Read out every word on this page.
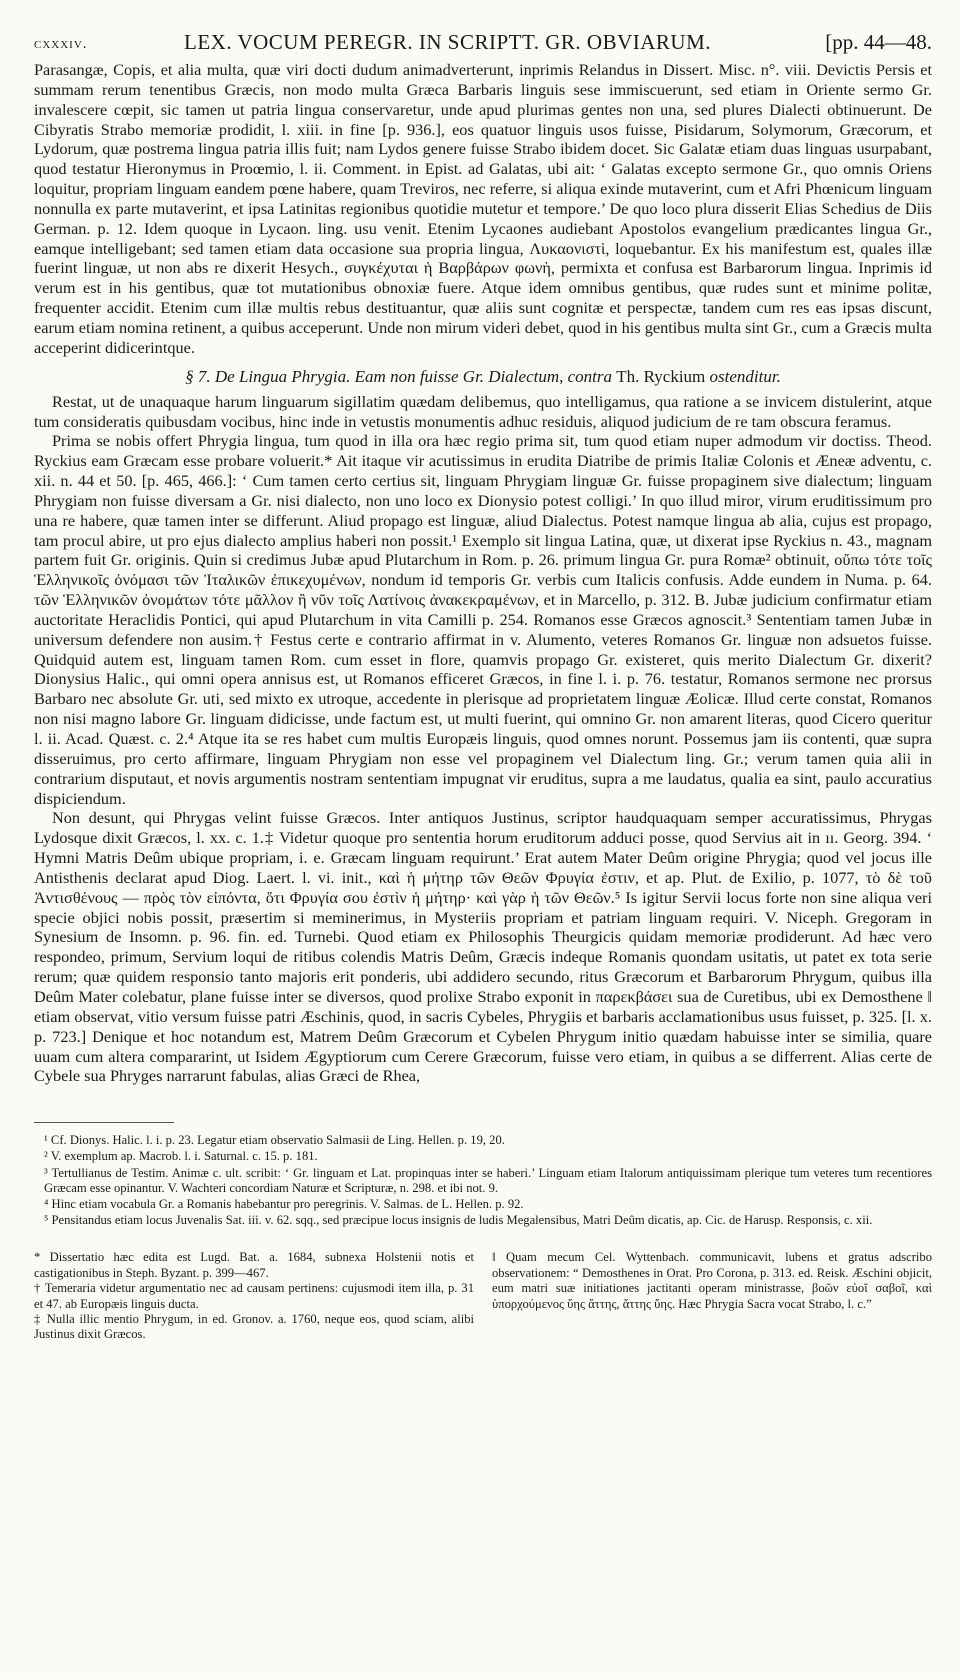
cxxxiv.	LEX. VOCUM PEREGR. IN SCRIPTT. GR. OBVIARUM.	[pp. 44—48.

Parasangæ, Copis, et alia multa, quæ viri docti dudum animadverterunt, inprimis Relandus in Dissert. Misc. n°. viii. Devictis Persis et summam rerum tenentibus Græcis, non modo multa Græca Barbaris linguis sese immiscuerunt, sed etiam in Oriente sermo Gr. invalescere cœpit, sic tamen ut patria lingua conservaretur, unde apud plurimas gentes non una, sed plures Dialecti obtinuerunt. De Cibyratis Strabo memoriæ prodidit, l. xiii. in fine [p. 936.], eos quatuor linguis usos fuisse, Pisidarum, Solymorum, Græcorum, et Lydorum, quæ postrema lingua patria illis fuit; nam Lydos genere fuisse Strabo ibidem docet. Sic Galatæ etiam duas linguas usurpabant, quod testatur Hieronymus in Proœmio, l. ii. Comment. in Epist. ad Galatas, ubi ait: ‘ Galatas excepto sermone Gr., quo omnis Oriens loquitur, propriam linguam eandem pœne habere, quam Treviros, nec referre, si aliqua exinde mutaverint, cum et Afri Phœnicum linguam nonnulla ex parte mutaverint, et ipsa Latinitas regionibus quotidie mutetur et tempore.’ De quo loco plura disserit Elias Schedius de Diis German. p. 12. Idem quoque in Lycaon. ling. usu venit. Etenim Lycaones audiebant Apostolos evangelium prædicantes lingua Gr., eamque intelligebant; sed tamen etiam data occasione sua propria lingua, Λυκαονιστὶ, loquebantur. Ex his manifestum est, quales illæ fuerint linguæ, ut non abs re dixerit Hesych., συγκέχυται ἡ Βαρβάρων φωνὴ, permixta et confusa est Barbarorum lingua. Inprimis id verum est in his gentibus, quæ tot mutationibus obnoxiæ fuere. Atque idem omnibus gentibus, quæ rudes sunt et minime politæ, frequenter accidit. Etenim cum illæ multis rebus destituantur, quæ aliis sunt cognitæ et perspectæ, tandem cum res eas ipsas discunt, earum etiam nomina retinent, a quibus acceperunt. Unde non mirum videri debet, quod in his gentibus multa sint Gr., cum a Græcis multa acceperint didicerintque.

§ 7. De Lingua Phrygia. Eam non fuisse Gr. Dialectum, contra Th. Ryckium ostenditur.

Restat, ut de unaquaque harum linguarum sigillatim quædam delibemus, quo intelligamus, qua ratione a se invicem distulerint, atque tum consideratis quibusdam vocibus, hinc inde in vetustis monumentis adhuc residuis, aliquod judicium de re tam obscura feramus.

Prima se nobis offert Phrygia lingua, tum quod in illa ora hæc regio prima sit, tum quod etiam nuper admodum vir doctiss. Theod. Ryckius eam Græcam esse probare voluerit.* Ait itaque vir acutissimus in erudita Diatribe de primis Italiæ Colonis et Æneæ adventu, c. xii. n. 44 et 50. [p. 465, 466.]: ‘ Cum tamen certo certius sit, linguam Phrygiam linguæ Gr. fuisse propaginem sive dialectum; linguam Phrygiam non fuisse diversam a Gr. nisi dialecto, non uno loco ex Dionysio potest colligi.’ In quo illud miror, virum eruditissimum pro una re habere, quæ tamen inter se differunt. Aliud propago est linguæ, aliud Dialectus. Potest namque lingua ab alia, cujus est propago, tam procul abire, ut pro ejus dialecto amplius haberi non possit.¹ Exemplo sit lingua Latina, quæ, ut dixerat ipse Ryckius n. 43., magnam partem fuit Gr. originis. Quin si credimus Jubæ apud Plutarchum in Rom. p. 26. primum lingua Gr. pura Romæ² obtinuit, οὔπω τότε τοῖς Ἑλληνικοῖς ὀνόμασι τῶν Ἰταλικῶν ἐπικεχυμένων, nondum id temporis Gr. verbis cum Italicis confusis. Adde eundem in Numa. p. 64. τῶν Ἑλληνικῶν ὀνομάτων τότε μᾶλλον ἢ νῦν τοῖς Λατίνοις ἀνακεκραμένων, et in Marcello, p. 312. B. Jubæ judicium confirmatur etiam auctoritate Heraclidis Pontici, qui apud Plutarchum in vita Camilli p. 254. Romanos esse Græcos agnoscit.³ Sententiam tamen Jubæ in universum defendere non ausim.† Festus certe e contrario affirmat in v. Alumento, veteres Romanos Gr. linguæ non adsuetos fuisse. Quidquid autem est, linguam tamen Rom. cum esset in flore, quamvis propago Gr. existeret, quis merito Dialectum Gr. dixerit? Dionysius Halic., qui omni opera annisus est, ut Romanos efficeret Græcos, in fine l. i. p. 76. testatur, Romanos sermone nec prorsus Barbaro nec absolute Gr. uti, sed mixto ex utroque, accedente in plerisque ad proprietatem linguæ Æolicæ. Illud certe constat, Romanos non nisi magno labore Gr. linguam didicisse, unde factum est, ut multi fuerint, qui omnino Gr. non amarent literas, quod Cicero queritur l. ii. Acad. Quæst. c. 2.⁴ Atque ita se res habet cum multis Europæis linguis, quod omnes norunt. Possemus jam iis contenti, quæ supra disseruimus, pro certo affirmare, linguam Phrygiam non esse vel propaginem vel Dialectum ling. Gr.; verum tamen quia alii in contrarium disputaut, et novis argumentis nostram sententiam impugnat vir eruditus, supra a me laudatus, qualia ea sint, paulo accuratius dispiciendum.

Non desunt, qui Phrygas velint fuisse Græcos. Inter antiquos Justinus, scriptor haudquaquam semper accuratissimus, Phrygas Lydosque dixit Græcos, l. xx. c. 1.‡ Videtur quoque pro sententia horum eruditorum adduci posse, quod Servius ait in ıı. Georg. 394. ‘ Hymni Matris Deûm ubique propriam, i. e. Græcam linguam requirunt.’ Erat autem Mater Deûm origine Phrygia; quod vel jocus ille Antisthenis declarat apud Diog. Laert. l. vi. init., καὶ ἡ μήτηρ τῶν Θεῶν Φρυγία ἐστιν, et ap. Plut. de Exilio, p. 1077, τὸ δὲ τοῦ Ἀντισθένους — πρὸς τὸν εἰπόντα, ὅτι Φρυγία σου ἐστὶν ἡ μήτηρ· καὶ γὰρ ἡ τῶν Θεῶν.⁵ Is igitur Servii locus forte non sine aliqua veri specie objici nobis possit, præsertim si meminerimus, in Mysteriis propriam et patriam linguam requiri. V. Niceph. Gregoram in Synesium de Insomn. p. 96. fin. ed. Turnebi. Quod etiam ex Philosophis Theurgicis quidam memoriæ prodiderunt. Ad hæc vero respondeo, primum, Servium loqui de ritibus colendis Matris Deûm, Græcis indeque Romanis quondam usitatis, ut patet ex tota serie rerum; quæ quidem responsio tanto majoris erit ponderis, ubi addidero secundo, ritus Græcorum et Barbarorum Phrygum, quibus illa Deûm Mater colebatur, plane fuisse inter se diversos, quod prolixe Strabo exponit in παρεκβάσει sua de Curetibus, ubi ex Demosthene ‖ etiam observat, vitio versum fuisse patri Æschinis, quod, in sacris Cybeles, Phrygiis et barbaris acclamationibus usus fuisset, p. 325. [l. x. p. 723.] Denique et hoc notandum est, Matrem Deûm Græcorum et Cybelen Phrygum initio quædam habuisse inter se similia, quare uuam cum altera compararint, ut Isidem Ægyptiorum cum Cerere Græcorum, fuisse vero etiam, in quibus a se differrent. Alias certe de Cybele sua Phryges narrarunt fabulas, alias Græci de Rhea,

¹ Cf. Dionys. Halic. l. i. p. 23. Legatur etiam observatio Salmasii de Ling. Hellen. p. 19, 20.

² V. exemplum ap. Macrob. l. i. Saturnal. c. 15. p. 181.

³ Tertullianus de Testim. Animæ c. ult. scribit: ‘ Gr. linguam et Lat. propinquas inter se haberi.’ Linguam etiam Italorum antiquissimam plerique tum veteres tum recentiores Græcam esse opinantur. V. Wachteri concordiam Naturæ et Scripturæ, n. 298. et ibi not. 9.

⁴ Hinc etiam vocabula Gr. a Romanis habebantur pro peregrinis. V. Salmas. de L. Hellen. p. 92.

⁵ Pensitandus etiam locus Juvenalis Sat. iii. v. 62. sqq., sed præcipue locus insignis de ludis Megalensibus, Matri Deûm dicatis, ap. Cic. de Harusp. Responsis, c. xii.

* Dissertatio hæc edita est Lugd. Bat. a. 1684, subnexa Holstenii notis et castigationibus in Steph. Byzant. p. 399—467.

† Temeraria videtur argumentatio nec ad causam pertinens: cujusmodi item illa, p. 31 et 47. ab Europæis linguis ducta.

‡ Nulla illic mentio Phrygum, in ed. Gronov. a. 1760, neque eos, quod sciam, alibi Justinus dixit Græcos.

‖ Quam mecum Cel. Wyttenbach. communicavit, lubens et gratus adscribo observationem: “ Demosthenes in Orat. Pro Corona, p. 313. ed. Reisk. Æschini objicit, eum matri suæ initiationes jactitanti operam ministrasse, βοῶν εὐοῖ σαβοῖ, καὶ ὑπορχούμενος ὕης ἄττης, ἄττης ὕης. Hæc Phrygia Sacra vocat Strabo, l. c.”
